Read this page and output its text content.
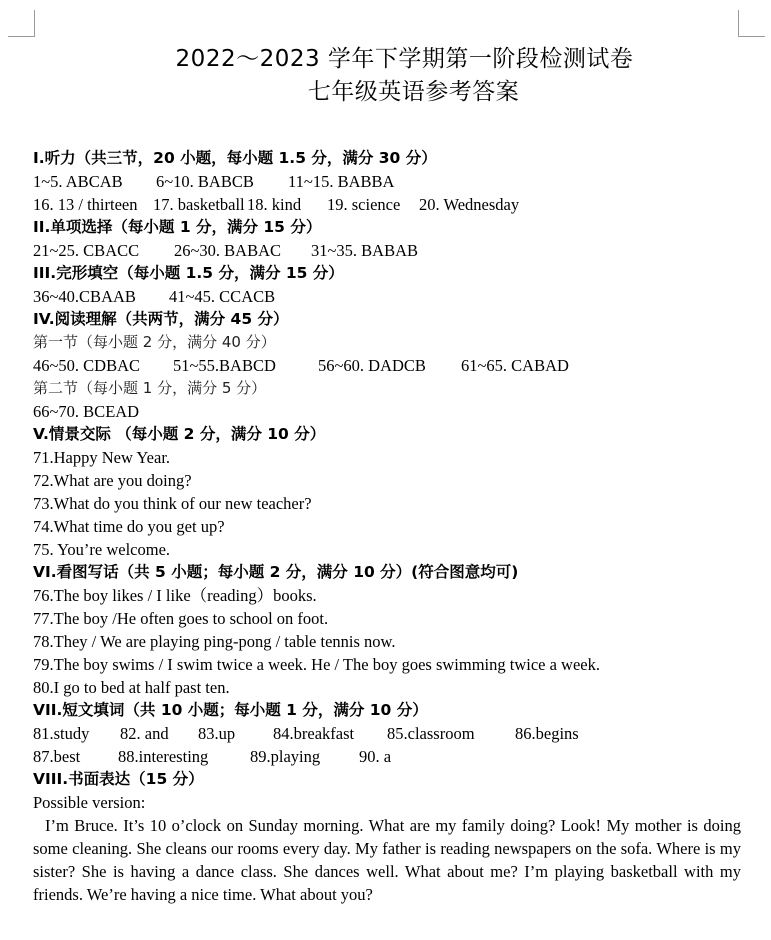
2022～2023 学年下学期第一阶段检测试卷
七年级英语参考答案
I.听力（共三节，20 小题，每小题 1.5 分，满分 30 分）
1~5. ABCAB 6~10. BABCB 11~15. BABBA
16. 13 / thirteen 17. basketball 18. kind 19. science 20. Wednesday
II.单项选择（每小题 1 分，满分 15 分）
21~25. CBACC 26~30. BABAC 31~35. BABAB
III.完形填空（每小题 1.5 分，满分 15 分）
36~40.CBAAB 41~45. CCACB
IV.阅读理解（共两节，满分 45 分）
第一节（每小题 2 分，满分 40 分）
46~50. CDBAC 51~55.BABCD	56~60. DADCB 61~65. CABAD
第二节（每小题 1 分，满分 5 分）
66~70. BCEAD
V.情景交际 （每小题 2 分，满分 10 分）
71.Happy New Year.
72.What are you doing?
73.What do you think of our new teacher?
74.What time do you get up?
75. You’re welcome.
VI.看图写话（共 5 小题；每小题 2 分，满分 10 分）(符合图意均可)
76.The boy likes / I like（reading）books.
77.The boy /He often goes to school on foot.
78.They / We are playing ping-pong / table tennis now.
79.The boy swims / I swim twice a week. He / The boy goes swimming twice a week.
80.I go to bed at half past ten.
VII.短文填词（共 10 小题；每小题 1 分，满分 10 分）
81.study 82. and 83.up 84.breakfast 85.classroom 86.begins
87.best 88.interesting	89.playing 90. a
VIII.书面表达（15 分）
Possible version:
I’m Bruce. It’s 10 o’clock on Sunday morning. What are my family doing? Look! My mother is doing some cleaning. She cleans our rooms every day. My father is reading newspapers on the sofa. Where is my sister? She is having a dance class. She dances well. What about me? I’m playing basketball with my friends. We’re having a nice time. What about you?
